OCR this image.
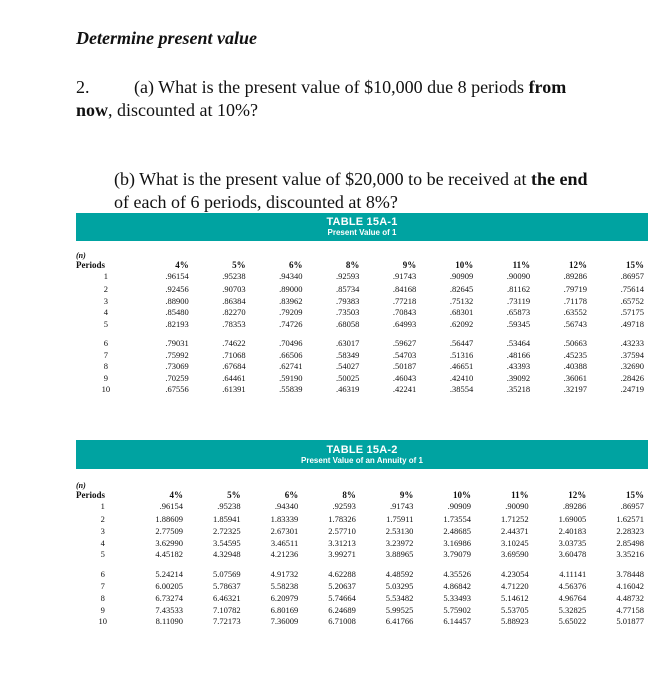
Determine present value
2. (a) What is the present value of $10,000 due 8 periods from now, discounted at 10%?
(b) What is the present value of $20,000 to be received at the end of each of 6 periods, discounted at 8%?
TABLE 15A-1
Present Value of 1
(n)
Periods	4%	5%	6%	8%	9%	10%	11%	12%	15%
1	.96154	.95238	.94340	.92593	.91743	.90909	.90090	.89286	.86957
2	.92456	.90703	.89000	.85734	.84168	.82645	.81162	.79719	.75614
3	.88900	.86384	.83962	.79383	.77218	.75132	.73119	.71178	.65752
4	.85480	.82270	.79209	.73503	.70843	.68301	.65873	.63552	.57175
5	.82193	.78353	.74726	.68058	.64993	.62092	.59345	.56743	.49718
6	.79031	.74622	.70496	.63017	.59627	.56447	.53464	.50663	.43233
7	.75992	.71068	.66506	.58349	.54703	.51316	.48166	.45235	.37594
8	.73069	.67684	.62741	.54027	.50187	.46651	.43393	.40388	.32690
9	.70259	.64461	.59190	.50025	.46043	.42410	.39092	.36061	.28426
10	.67556	.61391	.55839	.46319	.42241	.38554	.35218	.32197	.24719
TABLE 15A-2
Present Value of an Annuity of 1
(n)
Periods	4%	5%	6%	8%	9%	10%	11%	12%	15%
1	.96154	.95238	.94340	.92593	.91743	.90909	.90090	.89286	.86957
2	1.88609	1.85941	1.83339	1.78326	1.75911	1.73554	1.71252	1.69005	1.62571
3	2.77509	2.72325	2.67301	2.57710	2.53130	2.48685	2.44371	2.40183	2.28323
4	3.62990	3.54595	3.46511	3.31213	3.23972	3.16986	3.10245	3.03735	2.85498
5	4.45182	4.32948	4.21236	3.99271	3.88965	3.79079	3.69590	3.60478	3.35216
6	5.24214	5.07569	4.91732	4.62288	4.48592	4.35526	4.23054	4.11141	3.78448
7	6.00205	5.78637	5.58238	5.20637	5.03295	4.86842	4.71220	4.56376	4.16042
8	6.73274	6.46321	6.20979	5.74664	5.53482	5.33493	5.14612	4.96764	4.48732
9	7.43533	7.10782	6.80169	6.24689	5.99525	5.75902	5.53705	5.32825	4.77158
10	8.11090	7.72173	7.36009	6.71008	6.41766	6.14457	5.88923	5.65022	5.01877
